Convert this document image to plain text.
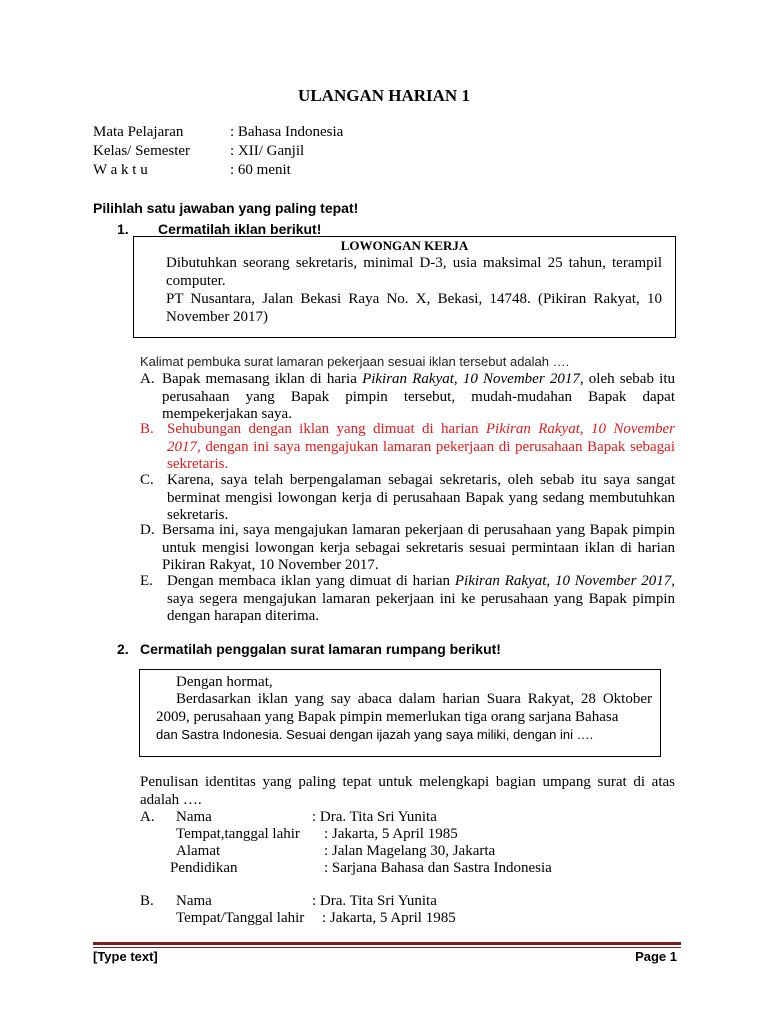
ULANGAN HARIAN 1
Mata Pelajaran	: Bahasa Indonesia
Kelas/ Semester	: XII/ Ganjil
W a k t u	: 60 menit
Pilihlah satu jawaban yang paling tepat!
1. Cermatilah iklan berikut!
LOWONGAN KERJA
Dibutuhkan seorang sekretaris, minimal D-3, usia maksimal 25 tahun, terampil computer.
PT Nusantara, Jalan Bekasi Raya No. X, Bekasi, 14748. (Pikiran Rakyat, 10 November 2017)
Kalimat pembuka surat lamaran pekerjaan sesuai iklan tersebut adalah ….
A. Bapak memasang iklan di haria Pikiran Rakyat, 10 November 2017, oleh sebab itu perusahaan yang Bapak pimpin tersebut, mudah-mudahan Bapak dapat mempekerjakan saya.
B. Sehubungan dengan iklan yang dimuat di harian Pikiran Rakyat, 10 November 2017, dengan ini saya mengajukan lamaran pekerjaan di perusahaan Bapak sebagai sekretaris.
C. Karena, saya telah berpengalaman sebagai sekretaris, oleh sebab itu saya sangat berminat mengisi lowongan kerja di perusahaan Bapak yang sedang membutuhkan sekretaris.
D. Bersama ini, saya mengajukan lamaran pekerjaan di perusahaan yang Bapak pimpin untuk mengisi lowongan kerja sebagai sekretaris sesuai permintaan iklan di harian Pikiran Rakyat, 10 November 2017.
E. Dengan membaca iklan yang dimuat di harian Pikiran Rakyat, 10 November 2017, saya segera mengajukan lamaran pekerjaan ini ke perusahaan yang Bapak pimpin dengan harapan diterima.
2. Cermatilah penggalan surat lamaran rumpang berikut!
Dengan hormat,
Berdasarkan iklan yang say abaca dalam harian Suara Rakyat, 28 Oktober 2009, perusahaan yang Bapak pimpin memerlukan tiga orang sarjana Bahasa
dan Sastra Indonesia. Sesuai dengan ijazah yang saya miliki, dengan ini ….
Penulisan identitas yang paling tepat untuk melengkapi bagian umpang surat di atas adalah ….
A. Nama	: Dra. Tita Sri Yunita
Tempat,tanggal lahir : Jakarta, 5 April 1985
Alamat	: Jalan Magelang 30, Jakarta
Pendidikan	: Sarjana Bahasa dan Sastra Indonesia
B. Nama	: Dra. Tita Sri Yunita
Tempat/Tanggal lahir : Jakarta, 5 April 1985
[Type text]	Page 1
